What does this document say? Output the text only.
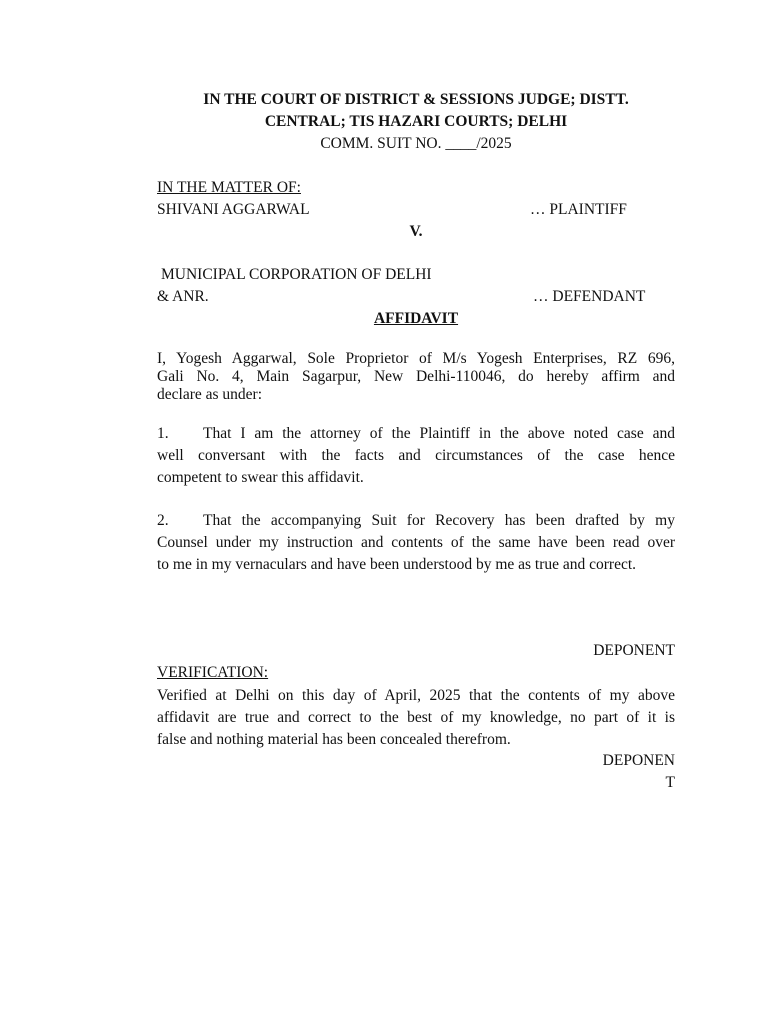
IN THE COURT OF DISTRICT & SESSIONS JUDGE; DISTT.
CENTRAL; TIS HAZARI COURTS; DELHI
COMM. SUIT NO. ____/2025
IN THE MATTER OF:
SHIVANI AGGARWAL	… PLAINTIFF
V.
MUNICIPAL CORPORATION OF DELHI
& ANR.	… DEFENDANT
AFFIDAVIT
I, Yogesh Aggarwal, Sole Proprietor of M/s Yogesh Enterprises, RZ 696,
Gali No. 4, Main Sagarpur, New Delhi-110046, do hereby affirm and
declare as under:
1. That I am the attorney of the Plaintiff in the above noted case and
well conversant with the facts and circumstances of the case hence
competent to swear this affidavit.
2. That the accompanying Suit for Recovery has been drafted by my
Counsel under my instruction and contents of the same have been read over
to me in my vernaculars and have been understood by me as true and correct.
DEPONENT
VERIFICATION:
Verified at Delhi on this day of April, 2025 that the contents of my above
affidavit are true and correct to the best of my knowledge, no part of it is
false and nothing material has been concealed therefrom.
DEPONEN
T
